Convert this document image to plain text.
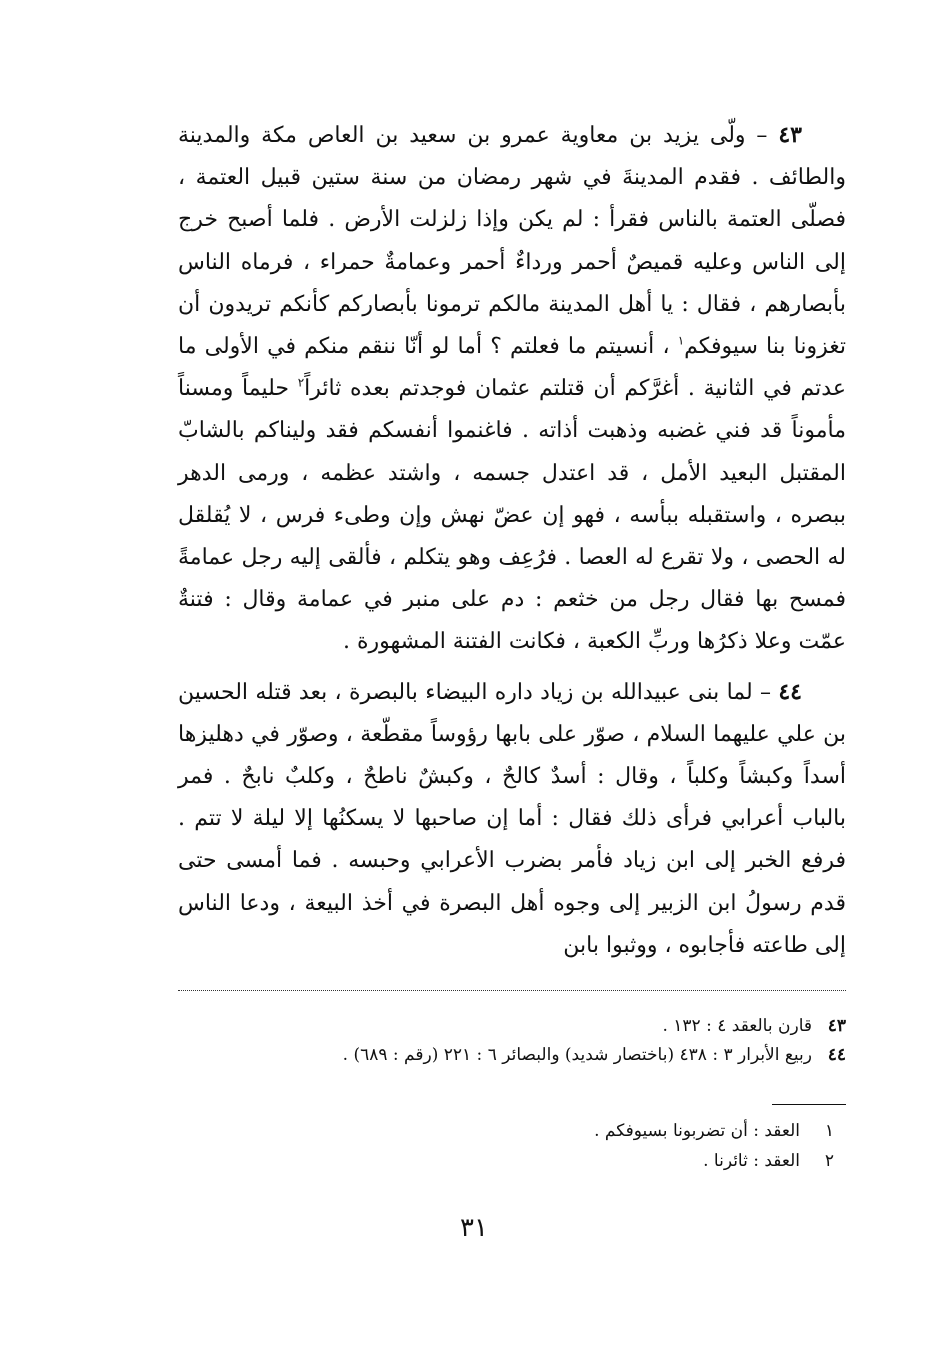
٤٣ – ولّى يزيد بن معاوية عمرو بن سعيد بن العاص مكة والمدينة والطائف . فقدم المدينةَ في شهر رمضان من سنة ستين قبيل العتمة ، فصلّى العتمة بالناس فقرأ : لم يكن وإذا زلزلت الأرض . فلما أصبح خرج إلى الناس وعليه قميصٌ أحمر ورداءٌ أحمر وعمامةٌ حمراء ، فرماه الناس بأبصارهم ، فقال : يا أهل المدينة مالكم ترمونا بأبصاركم كأنكم تريدون أن تغزونا بنا سيوفكم$^١$ ، أنسيتم ما فعلتم ؟ أما لو أنّا ننقم منكم في الأولى ما عدتم في الثانية . أغرَّكم أن قتلتم عثمان فوجدتم بعده ثائراً$^٢$ حليماً ومسناً مأموناً قد فني غضبه وذهبت أذاته . فاغنموا أنفسكم فقد وليناكم بالشابّ المقتبل البعيد الأمل ، قد اعتدل جسمه ، واشتد عظمه ، ورمى الدهر ببصره ، واستقبله ببأسه ، فهو إن عضّ نهش وإن وطىء فرس ، لا يُقلقل له الحصى ، ولا تقرع له العصا . فرُعِف وهو يتكلم ، فألقى إليه رجل عمامةً فمسح بها فقال رجل من خثعم : دم على منبر في عمامة وقال : فتنةٌ عمّت وعلا ذكرُها وربِّ الكعبة ، فكانت الفتنة المشهورة .

٤٤ – لما بنى عبيدالله بن زياد داره البيضاء بالبصرة ، بعد قتله الحسين بن علي عليهما السلام ، صوّر على بابها رؤوساً مقطّعة ، وصوّر في دهليزها أسداً وكبشاً وكلباً ، وقال : أسدٌ كالحٌ ، وكبشٌ ناطحٌ ، وكلبٌ نابحٌ . فمر بالباب أعرابي فرأى ذلك فقال : أما إن صاحبها لا يسكنُها إلا ليلة لا تتم . فرفع الخبر إلى ابن زياد فأمر بضرب الأعرابي وحبسه . فما أمسى حتى قدم رسولُ ابن الزبير إلى وجوه أهل البصرة في أخذ البيعة ، ودعا الناس إلى طاعته فأجابوه ، ووثبوا بابن

٤٣
قارن بالعقد ٤ : ١٣٢ .
٤٤
ربيع الأبرار ٣ : ٤٣٨ (باختصار شديد) والبصائر ٦ : ٢٢١ (رقم : ٦٨٩) .
١
العقد : أن تضربونا بسيوفكم .
٢
العقد : ثائرنا .
٣١
